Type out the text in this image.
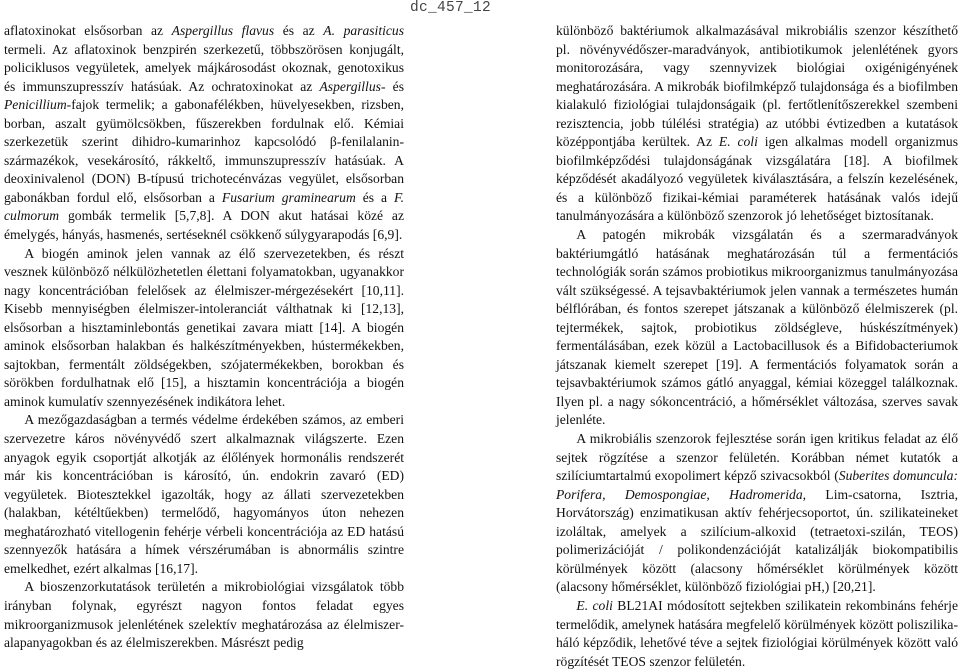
dc_457_12

aflatoxinokat elsősorban az Aspergillus flavus és az A. parasiticus termeli. Az aflatoxinok benzpirén szerkezetű, többszörösen konjugált, policiklusos vegyületek, amelyek májkárosodást okoznak, genotoxikus és immunszupresszív hatásúak. Az ochratoxinokat az Aspergillus- és Penicillium-fajok termelik; a gabonafélékben, hüvelyesekben, rizsben, borban, aszalt gyümölcsökben, fűszerekben fordulnak elő. Kémiai szerkezetük szerint dihidro-kumarinhoz kapcsolódó β-fenilalanin-származékok, vesekárosító, rákkeltő, immunszupresszív hatásúak. A deoxinivalenol (DON) B-típusú trichotecénvázas vegyület, elsősorban gabonákban fordul elő, elsősorban a Fusarium graminearum és a F. culmorum gombák termelik [5,7,8]. A DON akut hatásai közé az émelygés, hányás, hasmenés, sertéseknél csökkenő súlygyarapodás [6,9].

A biogén aminok jelen vannak az élő szervezetekben, és részt vesznek különböző nélkülözhetetlen élettani folyamatokban, ugyanakkor nagy koncentrációban felelősek az élelmiszer-mérgezésekért [10,11]. Kisebb mennyiségben élelmiszer-intoleranciát válthatnak ki [12,13], elsősorban a hisztaminlebontás genetikai zavara miatt [14]. A biogén aminok elsősorban halakban és halkészítményekben, hústermékekben, sajtokban, fermentált zöldségekben, szójatermékekben, borokban és sörökben fordulhatnak elő [15], a hisztamin koncentrációja a biogén aminok kumulatív szennyezésének indikátora lehet.

A mezőgazdaságban a termés védelme érdekében számos, az emberi szervezetre káros növényvédő szert alkalmaznak világszerte. Ezen anyagok egyik csoportját alkotják az élőlények hormonális rendszerét már kis koncentrációban is károsító, ún. endokrin zavaró (ED) vegyületek. Biotesztekkel igazolták, hogy az állati szervezetekben (halakban, kétéltűekben) termelődő, hagyományos úton nehezen meghatározható vitellogenin fehérje vérbeli koncentrációja az ED hatású szennyezők hatására a hímek vérszérumában is abnormális szintre emelkedhet, ezért alkalmas [16,17].

A bioszenzorkutatások területén a mikrobiológiai vizsgálatok több irányban folynak, egyrészt nagyon fontos feladat egyes mikroorganizmusok jelenlétének szelektív meghatározása az élelmiszer-alapanyagokban és az élelmiszerekben. Másrészt pedig

különböző baktériumok alkalmazásával mikrobiális szenzor készíthető pl. növényvédőszer-maradványok, antibiotikumok jelenlétének gyors monitorozására, vagy szennyvizek biológiai oxigénigényének meghatározására. A mikrobák biofilmképző tulajdonsága és a biofilmben kialakuló fiziológiai tulajdonságaik (pl. fertőtlenítőszerekkel szembeni rezisztencia, jobb túlélési stratégia) az utóbbi évtizedben a kutatások középpontjába kerültek. Az E. coli igen alkalmas modell organizmus biofilmképződési tulajdonságának vizsgálatára [18]. A biofilmek képződését akadályozó vegyületek kiválasztására, a felszín kezelésének, és a különböző fizikai-kémiai paraméterek hatásának valós idejű tanulmányozására a különböző szenzorok jó lehetőséget biztosítanak.

A patogén mikrobák vizsgálatán és a szermaradványok baktériumgátló hatásának meghatározásán túl a fermentációs technológiák során számos probiotikus mikroorganizmus tanulmányozása vált szükségessé. A tejsavbaktériumok jelen vannak a természetes humán bélflórában, és fontos szerepet játszanak a különböző élelmiszerek (pl. tejtermékek, sajtok, probiotikus zöldségleve, húskészítmények) fermentálásában, ezek közül a Lactobacillusok és a Bifidobacteriumok játszanak kiemelt szerepet [19]. A fermentációs folyamatok során a tejsavbaktériumok számos gátló anyaggal, kémiai közeggel találkoznak. Ilyen pl. a nagy sókoncentráció, a hőmérséklet változása, szerves savak jelenléte.

A mikrobiális szenzorok fejlesztése során igen kritikus feladat az élő sejtek rögzítése a szenzor felületén. Korábban német kutatók a szilíciumtartalmú exopolimert képző szivacsokból (Suberites domuncula: Porifera, Demospongiae, Hadromerida, Lim-csatorna, Isztria, Horvátország) enzimatikusan aktív fehérjecsoportot, ún. szilikateineket izoláltak, amelyek a szilícium-alkoxid (tetraetoxi-szilán, TEOS) polimerizációját / polikondenzációját katalizálják biokompatibilis körülmények között (alacsony hőmérséklet körülmények között (alacsony hőmérséklet, különböző fiziológiai pH,) [20,21].

E. coli BL21AI módosított sejtekben szilikatein rekombináns fehérje termelődik, amelynek hatására megfelelő körülmények között poliszilika-háló képződik, lehetővé téve a sejtek fiziológiai körülmények között való rögzítését TEOS szenzor felületén.
